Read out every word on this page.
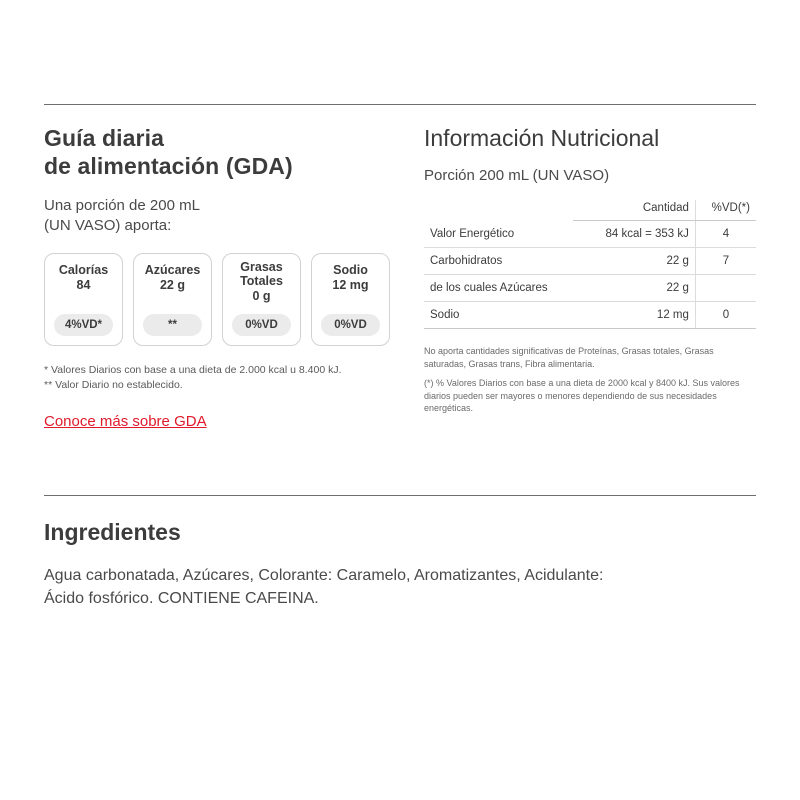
Guía diaria
de alimentación (GDA)
Una porción de 200 mL
(UN VASO) aporta:
Calorías
84
4%VD*
Azúcares
22 g
**
Grasas
Totales
0 g
0%VD
Sodio
12 mg
0%VD
* Valores Diarios con base a una dieta de 2.000 kcal u 8.400 kJ.
** Valor Diario no establecido.
Conoce más sobre GDA
Información Nutricional
Porción 200 mL (UN VASO)
	Cantidad	%VD(*)
Valor Energético	84 kcal = 353 kJ	4
Carbohidratos	22 g	7
de los cuales Azúcares	22 g	
Sodio	12 mg	0

No aporta cantidades significativas de Proteínas, Grasas totales, Grasas saturadas, Grasas trans, Fibra alimentaria.

(*) % Valores Diarios con base a una dieta de 2000 kcal y 8400 kJ. Sus valores diarios pueden ser mayores o menores dependiendo de sus necesidades energéticas.

Ingredientes
Agua carbonatada, Azúcares, Colorante: Caramelo, Aromatizantes, Acidulante:
Ácido fosfórico. CONTIENE CAFEINA.
